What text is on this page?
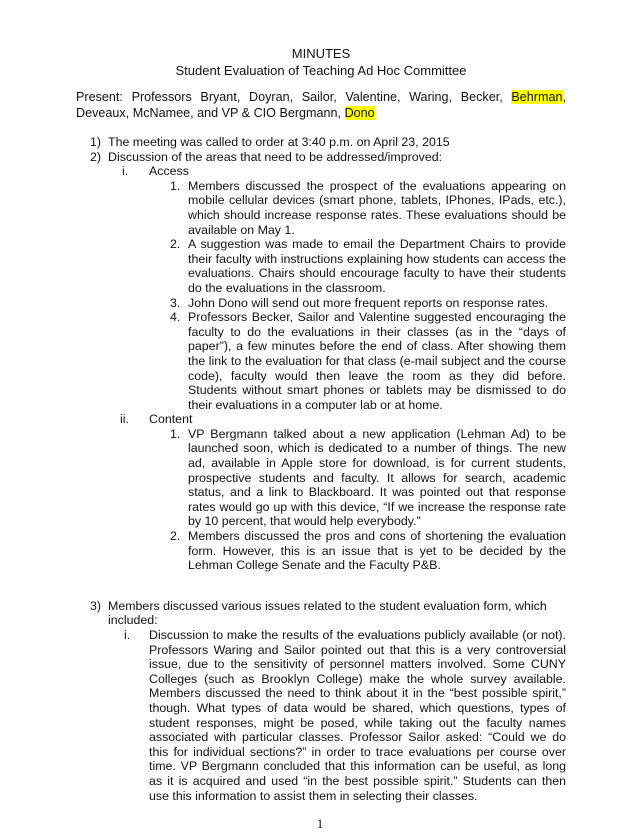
MINUTES
Student Evaluation of Teaching Ad Hoc Committee

Present: Professors Bryant, Doyran, Sailor, Valentine, Waring, Becker, Behrman, Deveaux, McNamee, and VP & CIO Bergmann, Dono

1) The meeting was called to order at 3:40 p.m. on April 23, 2015
2) Discussion of the areas that need to be addressed/improved:
i. Access
1. Members discussed the prospect of the evaluations appearing on mobile cellular devices (smart phone, tablets, IPhones, IPads, etc.), which should increase response rates. These evaluations should be available on May 1.

2. A suggestion was made to email the Department Chairs to provide their faculty with instructions explaining how students can access the evaluations. Chairs should encourage faculty to have their students do the evaluations in the classroom.

3. John Dono will send out more frequent reports on response rates.

4. Professors Becker, Sailor and Valentine suggested encouraging the faculty to do the evaluations in their classes (as in the “days of paper”), a few minutes before the end of class. After showing them the link to the evaluation for that class (e-mail subject and the course code), faculty would then leave the room as they did before. Students without smart phones or tablets may be dismissed to do their evaluations in a computer lab or at home.

ii. Content
1. VP Bergmann talked about a new application (Lehman Ad) to be launched soon, which is dedicated to a number of things. The new ad, available in Apple store for download, is for current students, prospective students and faculty. It allows for search, academic status, and a link to Blackboard. It was pointed out that response rates would go up with this device, “If we increase the response rate by 10 percent, that would help everybody.”

2. Members discussed the pros and cons of shortening the evaluation form. However, this is an issue that is yet to be decided by the Lehman College Senate and the Faculty P&B.

3) Members discussed various issues related to the student evaluation form, which included:
i. Discussion to make the results of the evaluations publicly available (or not). Professors Waring and Sailor pointed out that this is a very controversial issue, due to the sensitivity of personnel matters involved. Some CUNY Colleges (such as Brooklyn College) make the whole survey available. Members discussed the need to think about it in the “best possible spirit,” though. What types of data would be shared, which questions, types of student responses, might be posed, while taking out the faculty names associated with particular classes. Professor Sailor asked: “Could we do this for individual sections?” in order to trace evaluations per course over time. VP Bergmann concluded that this information can be useful, as long as it is acquired and used “in the best possible spirit.” Students can then use this information to assist them in selecting their classes.

1
